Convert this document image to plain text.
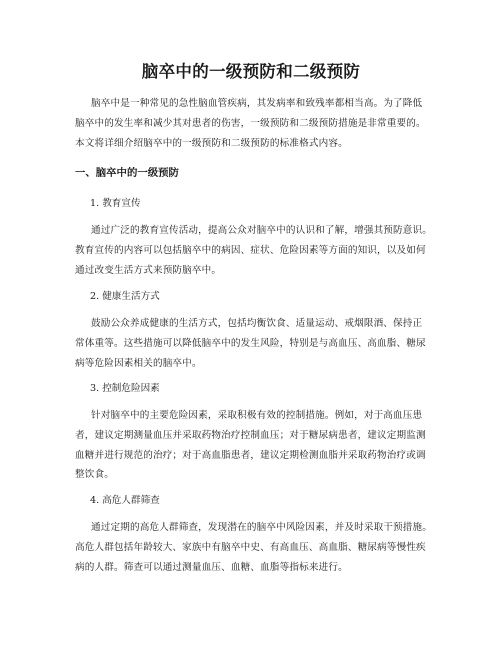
脑卒中的一级预防和二级预防
脑卒中是一种常见的急性脑血管疾病，其发病率和致残率都相当高。为了降低
脑卒中的发生率和减少其对患者的伤害，一级预防和二级预防措施是非常重要的。
本文将详细介绍脑卒中的一级预防和二级预防的标准格式内容。
一、脑卒中的一级预防
1. 教育宣传
通过广泛的教育宣传活动，提高公众对脑卒中的认识和了解，增强其预防意识。
教育宣传的内容可以包括脑卒中的病因、症状、危险因素等方面的知识，以及如何
通过改变生活方式来预防脑卒中。
2. 健康生活方式
鼓励公众养成健康的生活方式，包括均衡饮食、适量运动、戒烟限酒、保持正
常体重等。这些措施可以降低脑卒中的发生风险，特别是与高血压、高血脂、糖尿
病等危险因素相关的脑卒中。
3. 控制危险因素
针对脑卒中的主要危险因素，采取积极有效的控制措施。例如，对于高血压患
者，建议定期测量血压并采取药物治疗控制血压；对于糖尿病患者，建议定期监测
血糖并进行规范的治疗；对于高血脂患者，建议定期检测血脂并采取药物治疗或调
整饮食。
4. 高危人群筛查
通过定期的高危人群筛查，发现潜在的脑卒中风险因素，并及时采取干预措施。
高危人群包括年龄较大、家族中有脑卒中史、有高血压、高血脂、糖尿病等慢性疾
病的人群。筛查可以通过测量血压、血糖、血脂等指标来进行。
